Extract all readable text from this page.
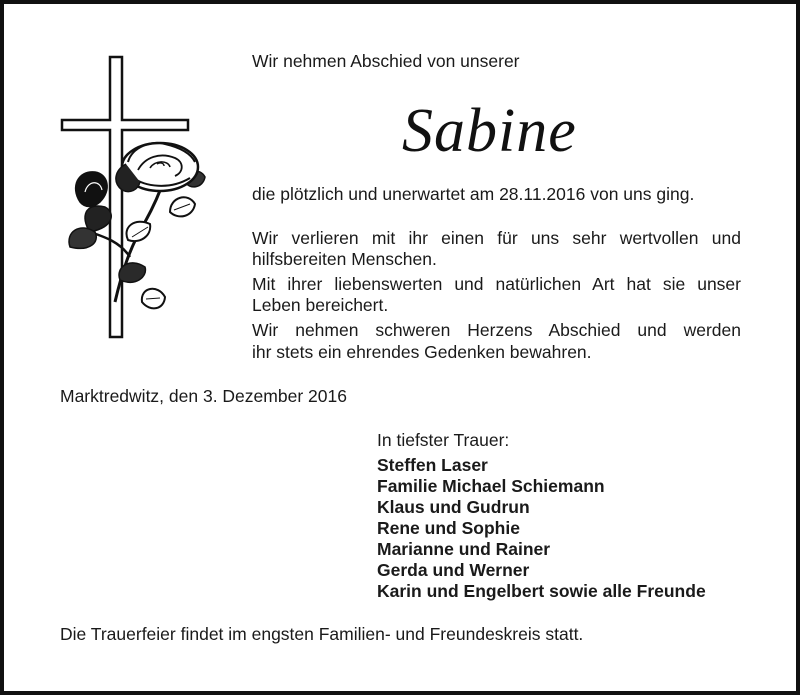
Wir nehmen Abschied von unserer
Sabine
die plötzlich und unerwartet am 28.11.2016 von uns ging.
Wir verlieren mit ihr einen für uns sehr wertvollen und
hilfsbereiten Menschen.
Mit ihrer liebenswerten und natürlichen Art hat sie unser
Leben bereichert.
Wir nehmen schweren Herzens Abschied und werden
ihr stets ein ehrendes Gedenken bewahren.
Marktredwitz, den 3. Dezember 2016
In tiefster Trauer:
Steffen Laser
Familie Michael Schiemann
Klaus und Gudrun
Rene und Sophie
Marianne und Rainer
Gerda und Werner
Karin und Engelbert sowie alle Freunde
Die Trauerfeier findet im engsten Familien- und Freundeskreis statt.
